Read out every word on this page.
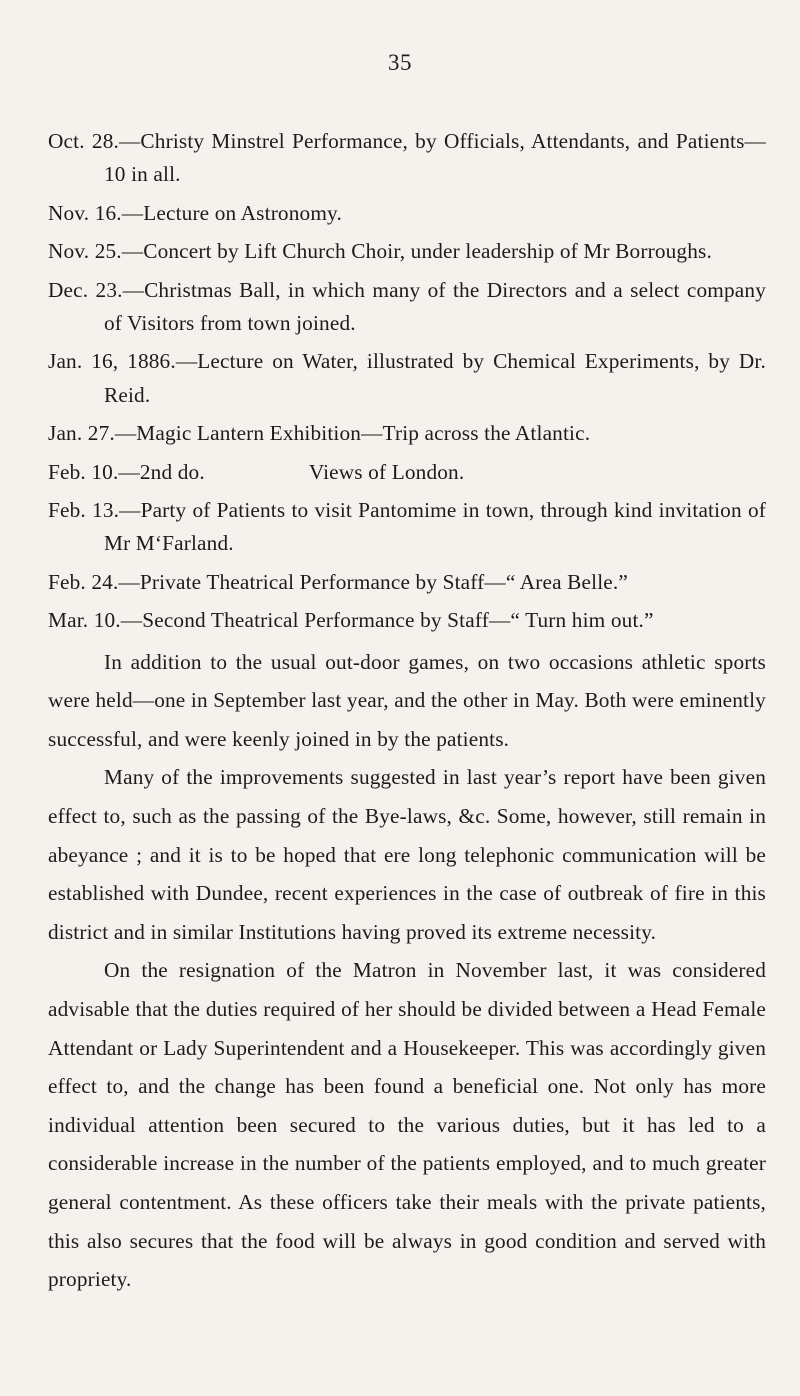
35

Oct. 28.—Christy Minstrel Performance, by Officials, Attendants, and Patients—10 in all.

Nov. 16.—Lecture on Astronomy.

Nov. 25.—Concert by Lift Church Choir, under leadership of Mr Borroughs.

Dec. 23.—Christmas Ball, in which many of the Directors and a select company of Visitors from town joined.

Jan. 16, 1886.—Lecture on Water, illustrated by Chemical Experiments, by Dr. Reid.

Jan. 27.—Magic Lantern Exhibition—Trip across the Atlantic.

Feb. 10.—2nd do.	Views of London.

Feb. 13.—Party of Patients to visit Pantomime in town, through kind invitation of Mr M‘Farland.

Feb. 24.—Private Theatrical Performance by Staff—“ Area Belle.”

Mar. 10.—Second Theatrical Performance by Staff—“ Turn him out.”

In addition to the usual out-door games, on two occasions athletic sports were held—one in September last year, and the other in May. Both were eminently successful, and were keenly joined in by the patients.

Many of the improvements suggested in last year’s report have been given effect to, such as the passing of the Bye-laws, &c. Some, however, still remain in abeyance ; and it is to be hoped that ere long telephonic communication will be established with Dundee, recent experiences in the case of outbreak of fire in this district and in similar Institutions having proved its extreme necessity.

On the resignation of the Matron in November last, it was considered advisable that the duties required of her should be divided between a Head Female Attendant or Lady Superintendent and a Housekeeper. This was accordingly given effect to, and the change has been found a beneficial one. Not only has more individual attention been secured to the various duties, but it has led to a considerable increase in the number of the patients employed, and to much greater general contentment. As these officers take their meals with the private patients, this also secures that the food will be always in good condition and served with propriety.
